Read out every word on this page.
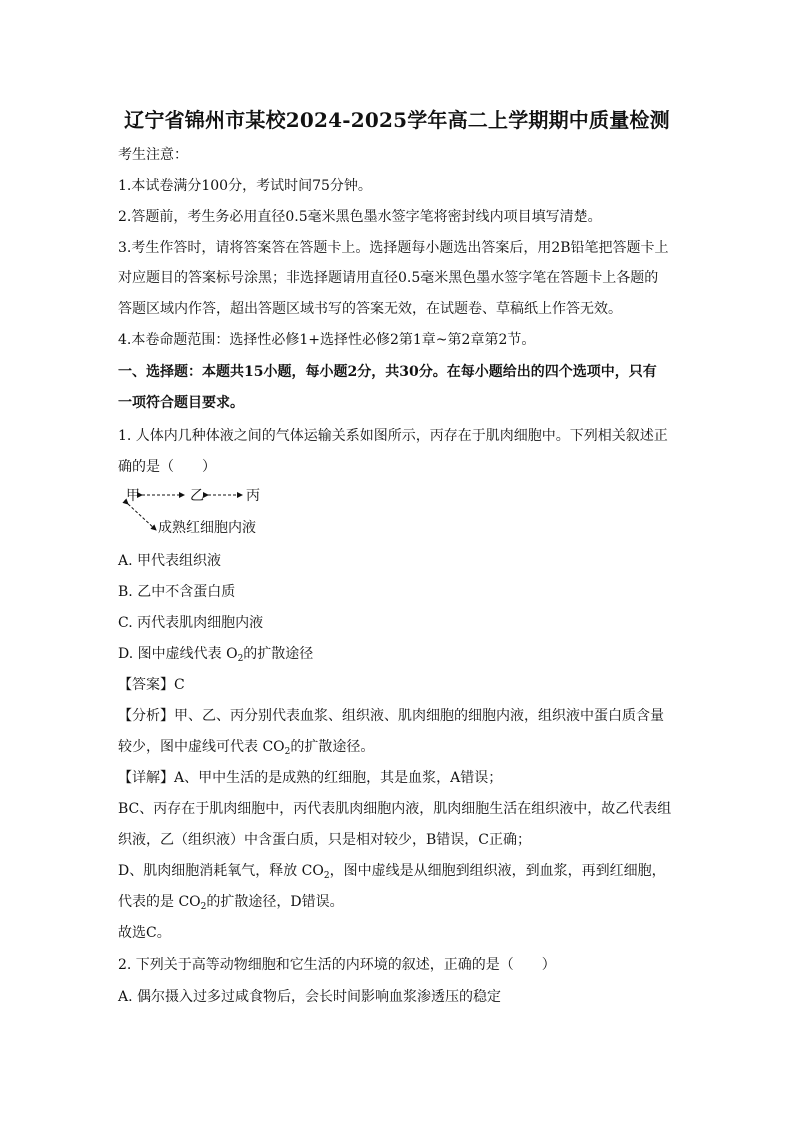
辽宁省锦州市某校2024-2025学年高二上学期期中质量检测
考生注意：
1.本试卷满分100分，考试时间75分钟。
2.答题前，考生务必用直径0.5毫米黑色墨水签字笔将密封线内项目填写清楚。
3.考生作答时，请将答案答在答题卡上。选择题每小题选出答案后，用2B铅笔把答题卡上
对应题目的答案标号涂黑；非选择题请用直径0.5毫米黑色墨水签字笔在答题卡上各题的
答题区域内作答，超出答题区域书写的答案无效，在试题卷、草稿纸上作答无效。
4.本卷命题范围：选择性必修1+选择性必修2第1章~第2章第2节。
一、选择题：本题共15小题，每小题2分，共30分。在每小题给出的四个选项中，只有
一项符合题目要求。
1. 人体内几种体液之间的气体运输关系如图所示，丙存在于肌肉细胞中。下列相关叙述正
确的是（　　）
甲	乙	丙
成熟红细胞内液
A. 甲代表组织液
B. 乙中不含蛋白质
C. 丙代表肌肉细胞内液
D. 图中虚线代表 $O_2$的扩散途径
【答案】C
【分析】甲、乙、丙分别代表血浆、组织液、肌肉细胞的细胞内液，组织液中蛋白质含量
较少，图中虚线可代表 $CO_2$的扩散途径。
【详解】A、甲中生活的是成熟的红细胞，其是血浆，A错误；
BC、丙存在于肌肉细胞中，丙代表肌肉细胞内液，肌肉细胞生活在组织液中，故乙代表组
织液，乙（组织液）中含蛋白质，只是相对较少，B错误，C正确；
D、肌肉细胞消耗氧气，释放 $CO_2$，图中虚线是从细胞到组织液，到血浆，再到红细胞，
代表的是 $CO_2$的扩散途径，D错误。
故选C。
2. 下列关于高等动物细胞和它生活的内环境的叙述，正确的是（　　）
A. 偶尔摄入过多过咸食物后，会长时间影响血浆渗透压的稳定
